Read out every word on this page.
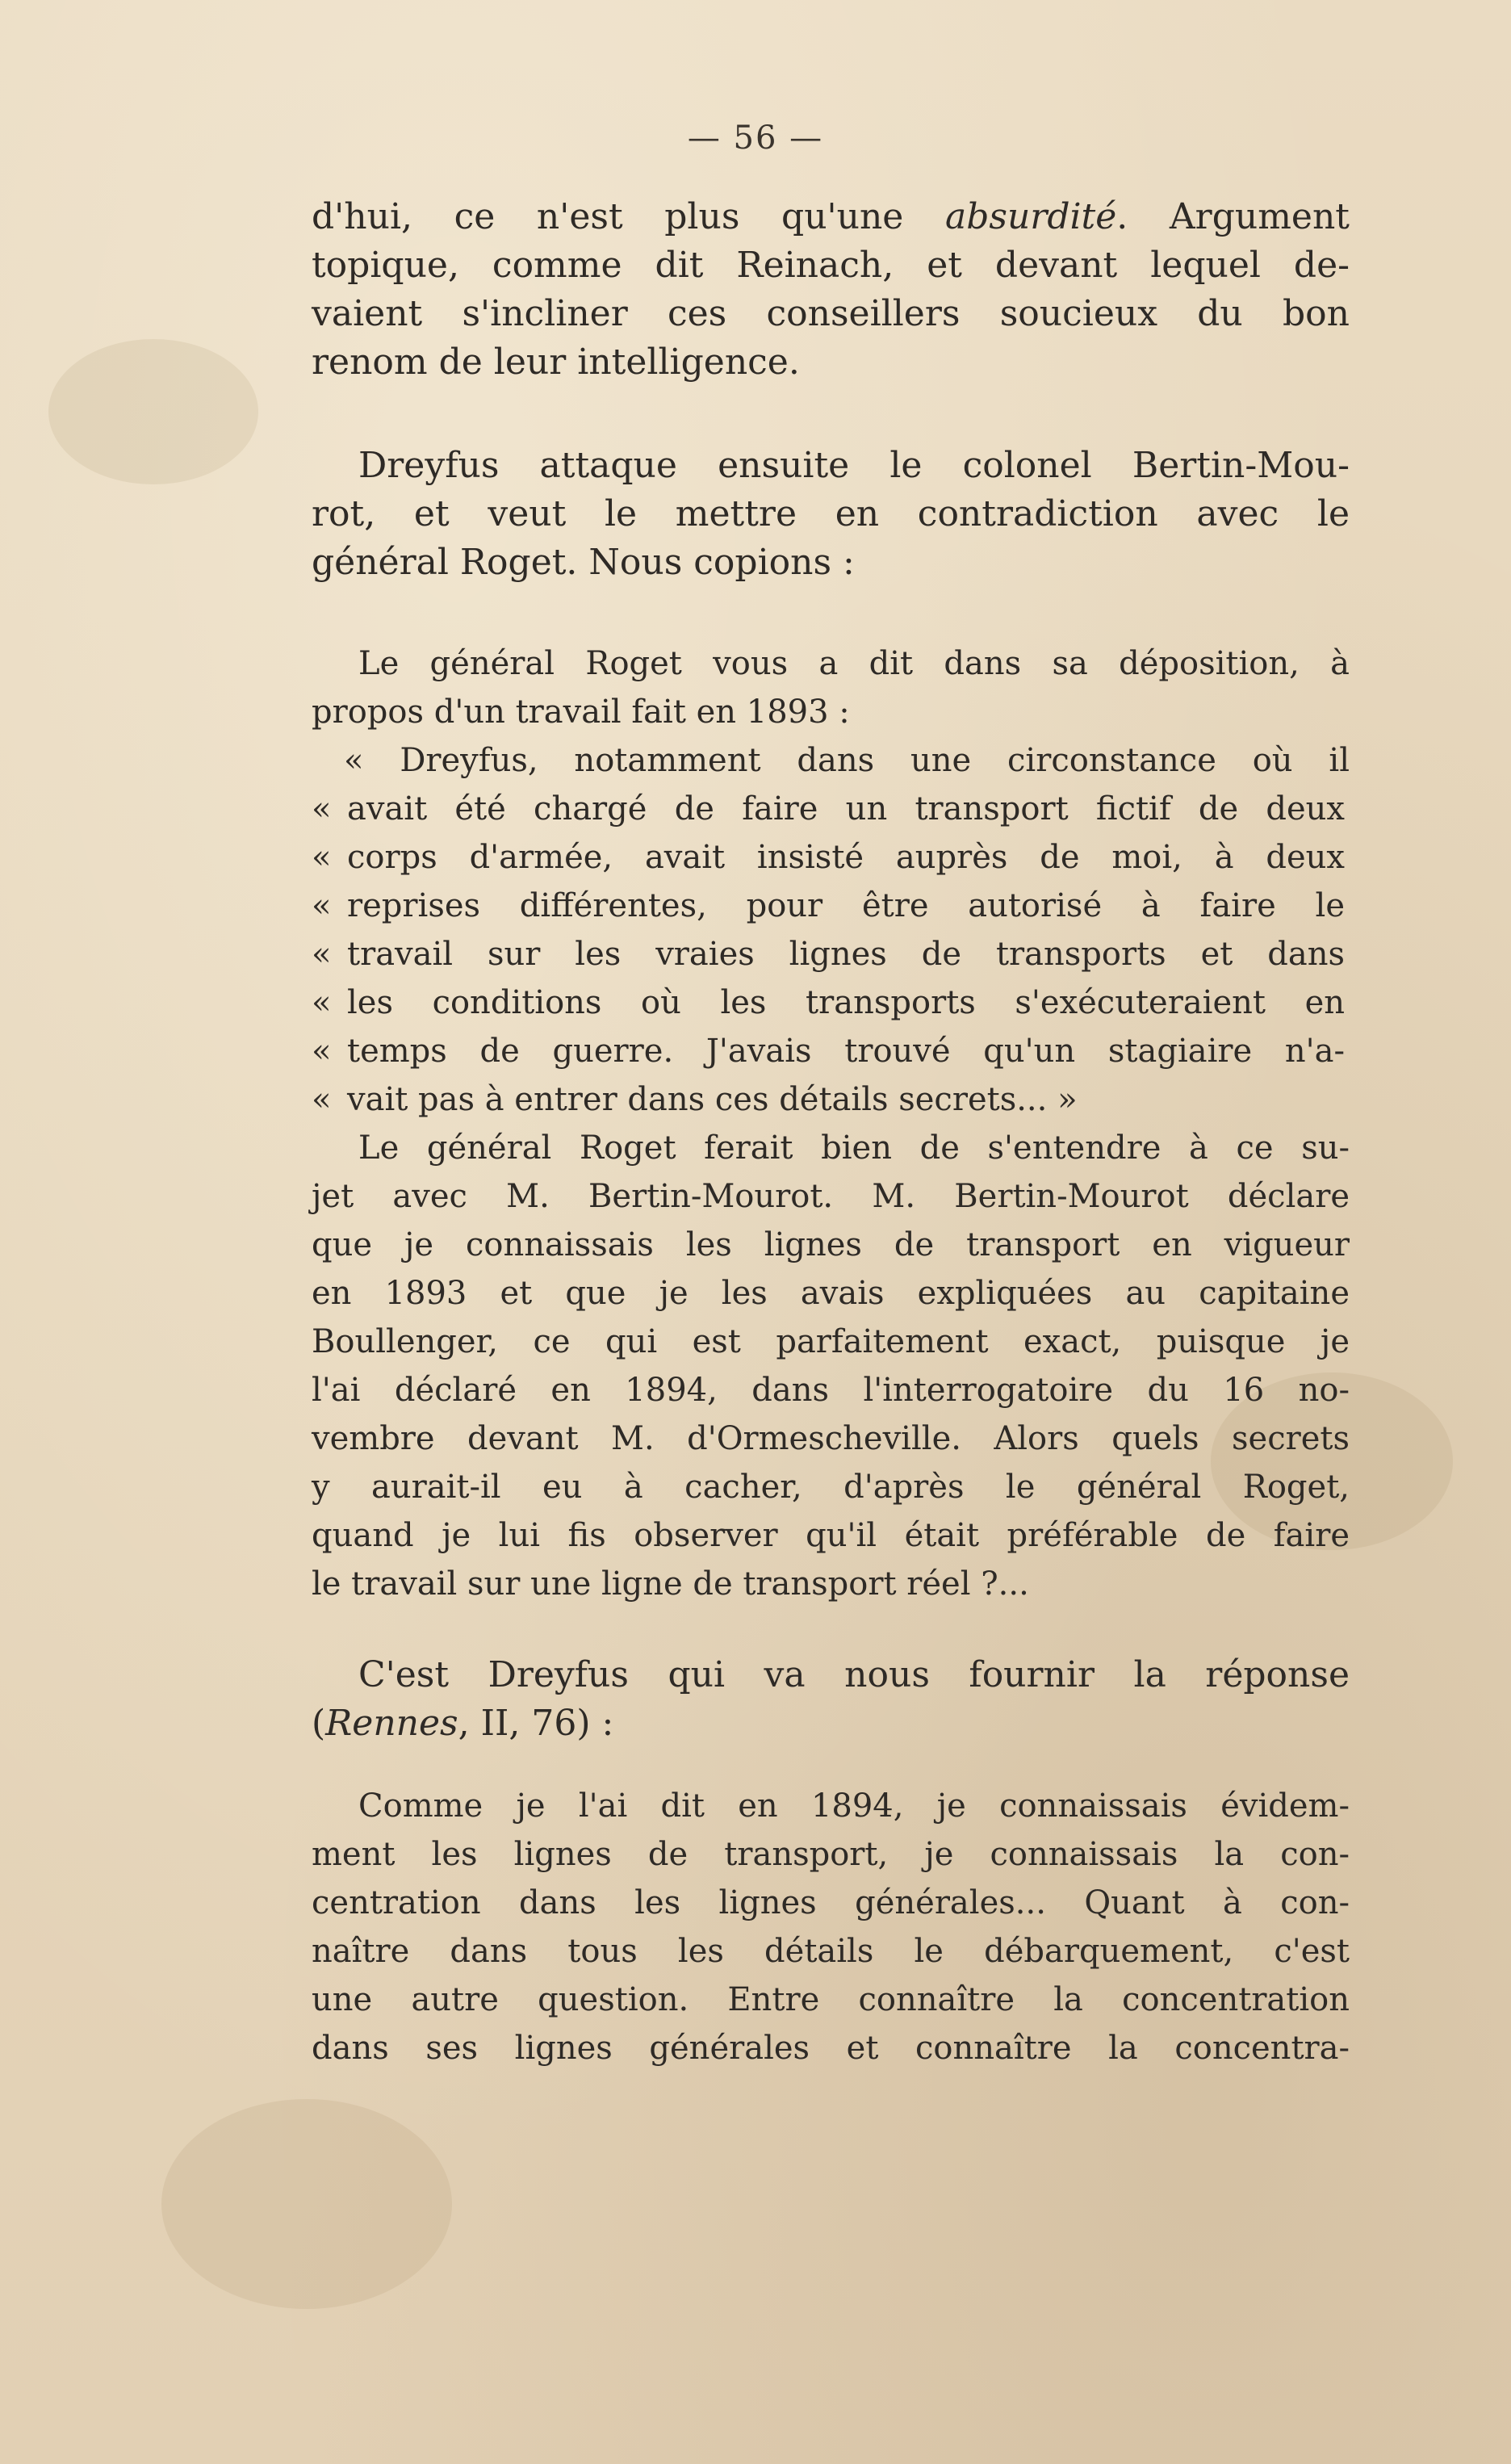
— 56 —
d'hui, ce n'est plus qu'une absurdité. Argument
topique, comme dit Reinach, et devant lequel de-
vaient s'incliner ces conseillers soucieux du bon
renom de leur intelligence.
Dreyfus attaque ensuite le colonel Bertin-Mou-
rot, et veut le mettre en contradiction avec le
général Roget. Nous copions :
Le général Roget vous a dit dans sa déposition, à
propos d'un travail fait en 1893 :
« Dreyfus, notamment dans une circonstance où il
« avait été chargé de faire un transport fictif de deux
« corps d'armée, avait insisté auprès de moi, à deux
« reprises différentes, pour être autorisé à faire le
« travail sur les vraies lignes de transports et dans
« les conditions où les transports s'exécuteraient en
« temps de guerre. J'avais trouvé qu'un stagiaire n'a-
« vait pas à entrer dans ces détails secrets... »
Le général Roget ferait bien de s'entendre à ce su-
jet avec M. Bertin-Mourot. M. Bertin-Mourot déclare
que je connaissais les lignes de transport en vigueur
en 1893 et que je les avais expliquées au capitaine
Boullenger, ce qui est parfaitement exact, puisque je
l'ai déclaré en 1894, dans l'interrogatoire du 16 no-
vembre devant M. d'Ormescheville. Alors quels secrets
y aurait-il eu à cacher, d'après le général Roget,
quand je lui fis observer qu'il était préférable de faire
le travail sur une ligne de transport réel ?...
C'est Dreyfus qui va nous fournir la réponse
(Rennes, II, 76) :
Comme je l'ai dit en 1894, je connaissais évidem-
ment les lignes de transport, je connaissais la con-
centration dans les lignes générales... Quant à con-
naître dans tous les détails le débarquement, c'est
une autre question. Entre connaître la concentration
dans ses lignes générales et connaître la concentra-
